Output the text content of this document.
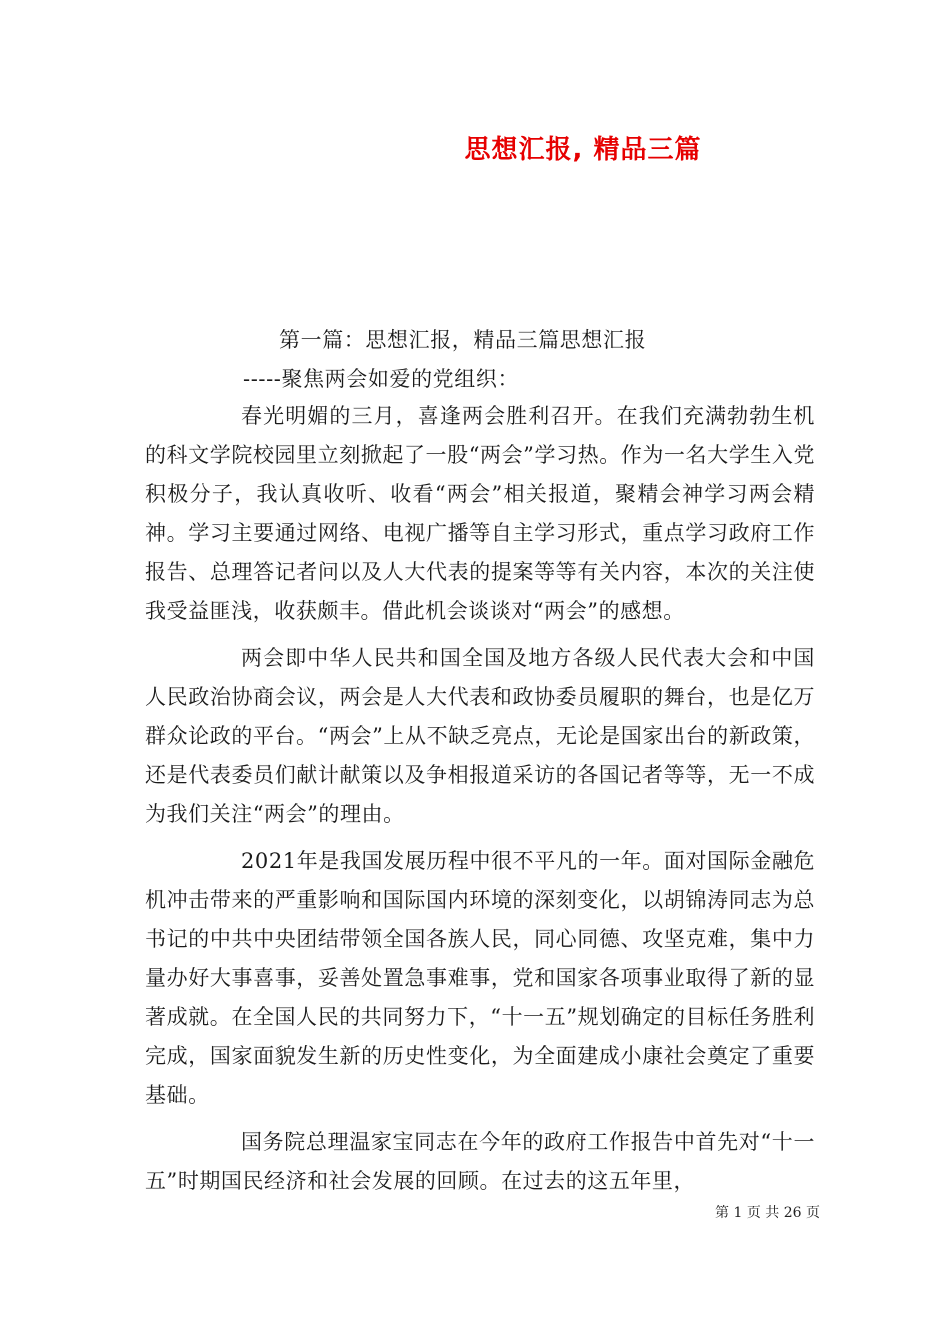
思想汇报, 精品三篇
第一篇：思想汇报，精品三篇思想汇报
-----聚焦两会如爱的党组织：

春光明媚的三月，喜逢两会胜利召开。在我们充满勃勃生机的科文学院校园里立刻掀起了一股“两会”学习热。作为一名大学生入党积极分子，我认真收听、收看“两会”相关报道，聚精会神学习两会精神。学习主要通过网络、电视广播等自主学习形式，重点学习政府工作报告、总理答记者问以及人大代表的提案等等有关内容，本次的关注使我受益匪浅，收获颇丰。借此机会谈谈对“两会”的感想。

两会即中华人民共和国全国及地方各级人民代表大会和中国人民政治协商会议，两会是人大代表和政协委员履职的舞台，也是亿万群众论政的平台。“两会”上从不缺乏亮点，无论是国家出台的新政策，还是代表委员们献计献策以及争相报道采访的各国记者等等，无一不成为我们关注“两会”的理由。

2021年是我国发展历程中很不平凡的一年。面对国际金融危机冲击带来的严重影响和国际国内环境的深刻变化，以胡锦涛同志为总书记的中共中央团结带领全国各族人民，同心同德、攻坚克难，集中力量办好大事喜事，妥善处置急事难事，党和国家各项事业取得了新的显著成就。在全国人民的共同努力下，“十一五”规划确定的目标任务胜利完成，国家面貌发生新的历史性变化，为全面建成小康社会奠定了重要基础。

国务院总理温家宝同志在今年的政府工作报告中首先对“十一五”时期国民经济和社会发展的回顾。在过去的这五年里，

第 1 页 共 26 页
